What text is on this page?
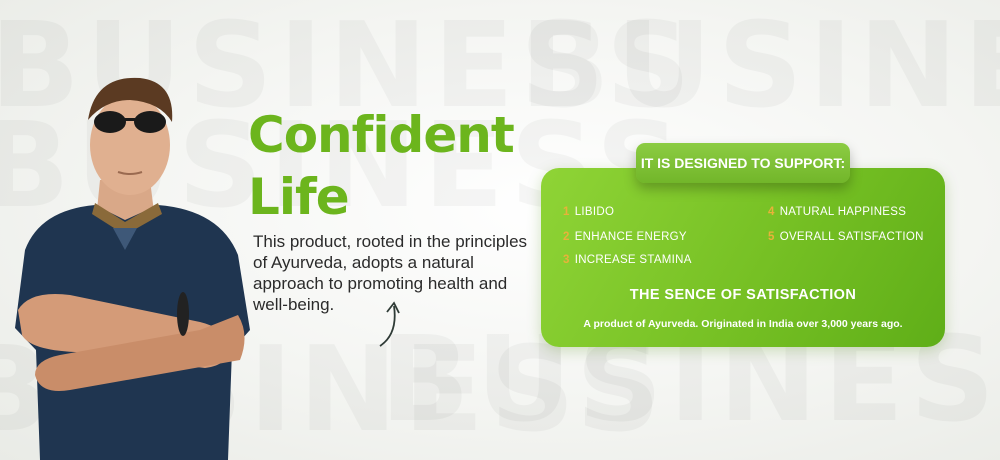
Confident
Life

This product, rooted in the principles of Ayurveda, adopts a natural approach to promoting health and well-being.

IT IS DESIGNED TO SUPPORT:
1 LIBIDO
2 ENHANCE ENERGY
3 INCREASE STAMINA
4 NATURAL HAPPINESS
5 OVERALL SATISFACTION
THE SENCE OF SATISFACTION
A product of Ayurveda. Originated in India over 3,000 years ago.
